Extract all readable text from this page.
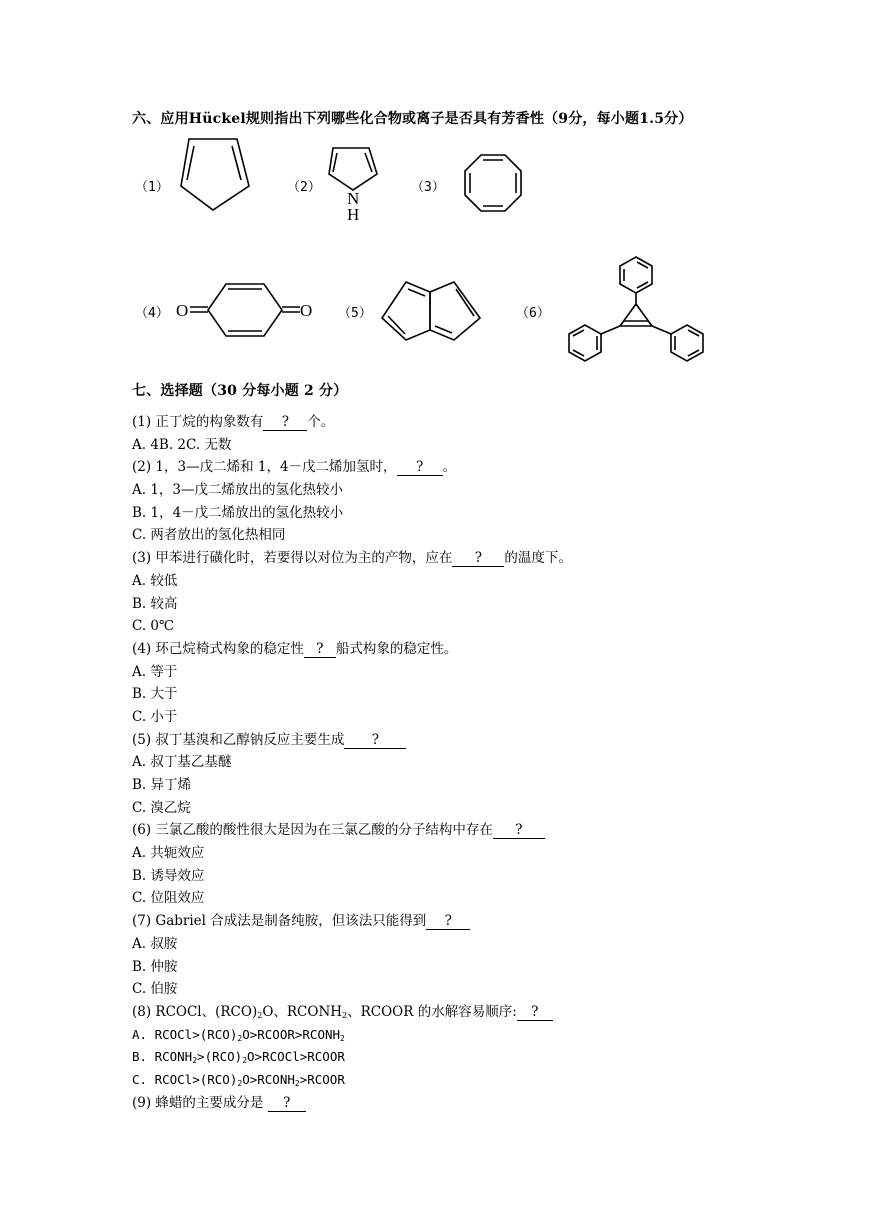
六、应用Hückel规则指出下列哪些化合物或离子是否具有芳香性（9分，每小题1.5分）
（1）	（2）
N
H
（3）
（4） O	O （5）	（6）
七、选择题（30 分每小题 2 分）
(1) 正丁烷的构象数有 ? 个。
A. 4B. 2C. 无数
(2) 1，3—戊二烯和 1，4－戊二烯加氢时， ? 。
A. 1，3—戊二烯放出的氢化热较小
B. 1，4－戊二烯放出的氢化热较小
C. 两者放出的氢化热相同
(3) 甲苯进行磺化时，若要得以对位为主的产物，应在 ? 的温度下。
A. 较低
B. 较高
C. 0℃
(4) 环己烷椅式构象的稳定性 ? 船式构象的稳定性。
A. 等于
B. 大于
C. 小于
(5) 叔丁基溴和乙醇钠反应主要生成 ?
A. 叔丁基乙基醚
B. 异丁烯
C. 溴乙烷
(6) 三氯乙酸的酸性很大是因为在三氯乙酸的分子结构中存在 ?
A. 共轭效应
B. 诱导效应
C. 位阻效应
(7) Gabriel 合成法是制备纯胺，但该法只能得到 ?
A. 叔胺
B. 仲胺
C. 伯胺
(8) RCOCl、$(RCO)_2O$、$RCONH_2$、RCOOR 的水解容易顺序: ?
A. $RCOCl>(RCO)_2O>RCOOR>RCONH_2$
B. $RCONH_2>(RCO)_2O>RCOCl>RCOOR$
C. $RCOCl>(RCO)_2O>RCONH_2>RCOOR$
(9) 蜂蜡的主要成分是 ?
